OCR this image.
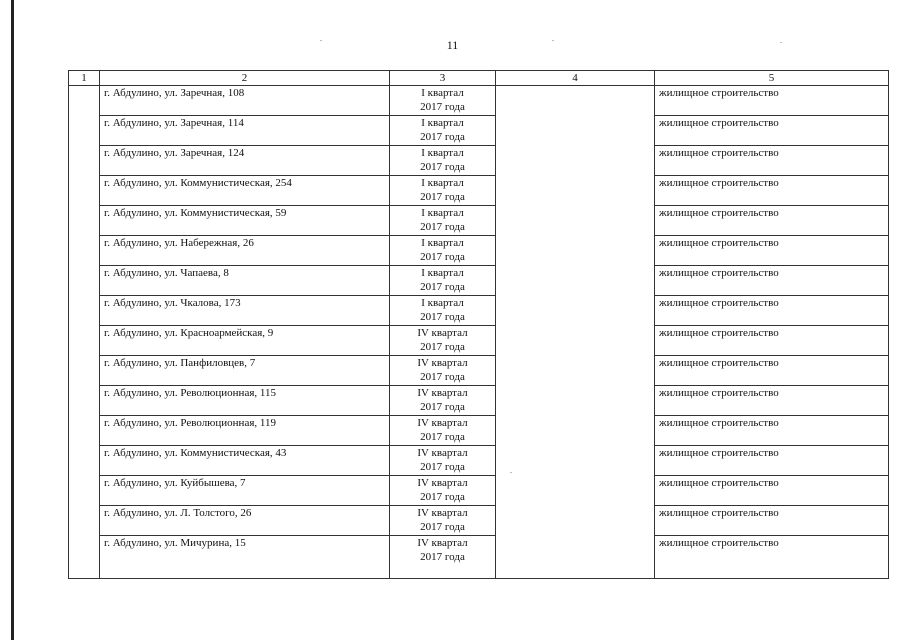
11
1	2	3	4	5
	г. Абдулино, ул. Заречная, 108	I квартал
2017 года		жилищное строительство
	г. Абдулино, ул. Заречная, 114	I квартал
2017 года		жилищное строительство
	г. Абдулино, ул. Заречная, 124	I квартал
2017 года		жилищное строительство
	г. Абдулино, ул. Коммунистическая, 254	I квартал
2017 года		жилищное строительство
	г. Абдулино, ул. Коммунистическая, 59	I квартал
2017 года		жилищное строительство
	г. Абдулино, ул. Набережная, 26	I квартал
2017 года		жилищное строительство
	г. Абдулино, ул. Чапаева, 8	I квартал
2017 года		жилищное строительство
	г. Абдулино, ул. Чкалова, 173	I квартал
2017 года		жилищное строительство
	г. Абдулино, ул. Красноармейская, 9	IV квартал
2017 года		жилищное строительство
	г. Абдулино, ул. Панфиловцев, 7	IV квартал
2017 года		жилищное строительство
	г. Абдулино, ул. Революционная, 115	IV квартал
2017 года		жилищное строительство
	г. Абдулино, ул. Революционная, 119	IV квартал
2017 года		жилищное строительство
	г. Абдулино, ул. Коммунистическая, 43	IV квартал
2017 года		жилищное строительство
	г. Абдулино, ул. Куйбышева, 7	IV квартал
2017 года		жилищное строительство
	г. Абдулино, ул. Л. Толстого, 26	IV квартал
2017 года		жилищное строительство
	г. Абдулино, ул. Мичурина, 15	IV квартал
2017 года		жилищное строительство
